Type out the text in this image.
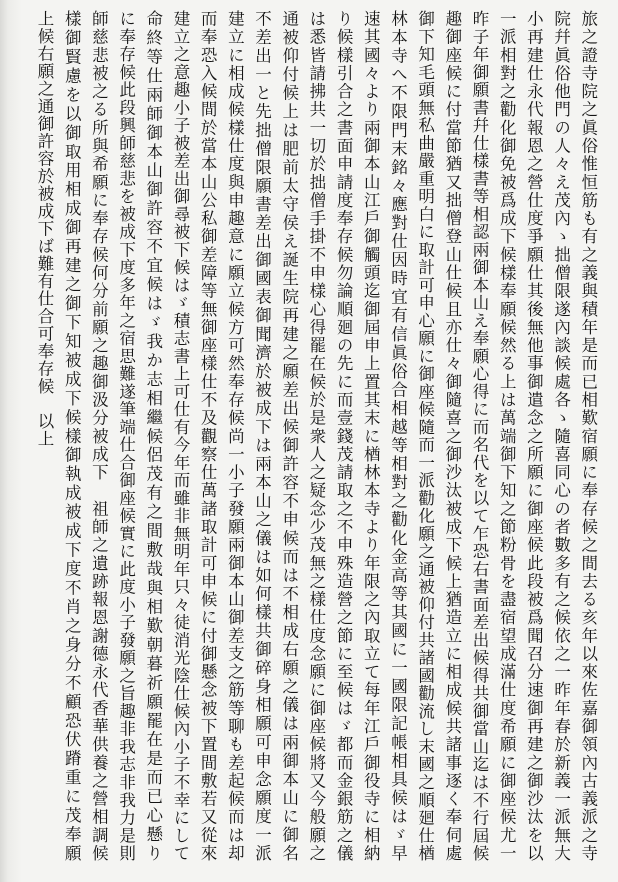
旅之證寺院之眞俗惟恒筋も有之義與積年是而已相歎宿願に奉存候之間去る亥年以來佐嘉御領內古義派之寺
院幷眞俗他門の人々え茂內ゝ拙僧限遂內談候處各ゝ隨喜同心の者數多有之候依之一昨年春於新義一派無大
小再建仕永代報恩之營仕度爭願仕其後無他事御遣念之所願に御座候此段被爲聞召分速御再建之御沙汰を以
一派相對之勸化御免被爲成下候樣奉願候然る上は萬端御下知之節粉骨を盡宿望成滿仕度希願に御座候尤一
昨子年御願書幷仕樣書等相認兩御本山え奉願心得に而名代を以て乍恐右書面差出候得共御當山迄は不行屆候
趣御座候に付當節猶又拙僧登山仕候且亦仕々御隨喜之御沙汰被成下候上猶造立に相成候共諸事逐く奉伺處
御下知毛頭無私曲嚴重明白に取計可申心願に御座候隨而一派勸化願之通被仰付共諸國勸流し末國之順廻仕楢
林本寺へ不限門末銘々應對仕因時宜有信眞俗合相越等相對之勸化金高等其國に一國限記帳相具候はゞ早
速其國々より兩御本山江戶御觸頭迄御屆申上置其末に楢林本寺より年限之內取立て每年江戶御役寺に相納
り候樣引合之書面申請度奉存候勿論順廻の先に而壹錢茂請取之不申殊造營之節に至候はゞ都而金銀筋之儀
は悉皆請拂共一切於拙僧手掛不申樣心得罷在候於是衆人之疑念少茂無之樣仕度念願に御座候將又今般願之
通被仰付候上は肥前太守侯え誕生院再建之願差出候御許容不申候而は不相成右願之儀は兩御本山に御名
不差出一と先拙僧限願書差出御國表御聞濟於被成下は兩本山之儀は如何樣共御碎身相願可申念願度一派
建立に相成候樣仕度與申趣意に願立候方可然奉存候尚一小子發願兩御本山御差支之筋等聊も差起候而は却
而奉恐入候間於當本山公私御差障等無御座樣仕不及觀察仕萬諸取計可申候に付御懸念被下置間敷若又從來
建立之意趣小子被差出御尋被下候はゞ積志書上可仕有今年而雖非無明年只々徒消光陰仕候內小子不幸にして
命終等仕兩師御本山御許容不宜候はゞ我か志相繼候侶茂有之間敷哉與相歎朝暮祈願罷在是而已心懸り
に奉存候此段興師慈悲を被成下度多年之宿思難遂筆端仕合御座候實に此度小子發願之旨趣非我志非我力是則
師慈悲被之る所與希願に奉存候何分前願之趣御汲分被成下　祖師之遺跡報恩謝德永代香華供養之營相調候
樣御賢慮を以御取用相成御再建之御下知被成下候樣御執成被成下度不肖之身分不顧恐伏蹐重に茂奉願
上候右願之通御許容於被成下ば難有仕合可奉存候　以上
